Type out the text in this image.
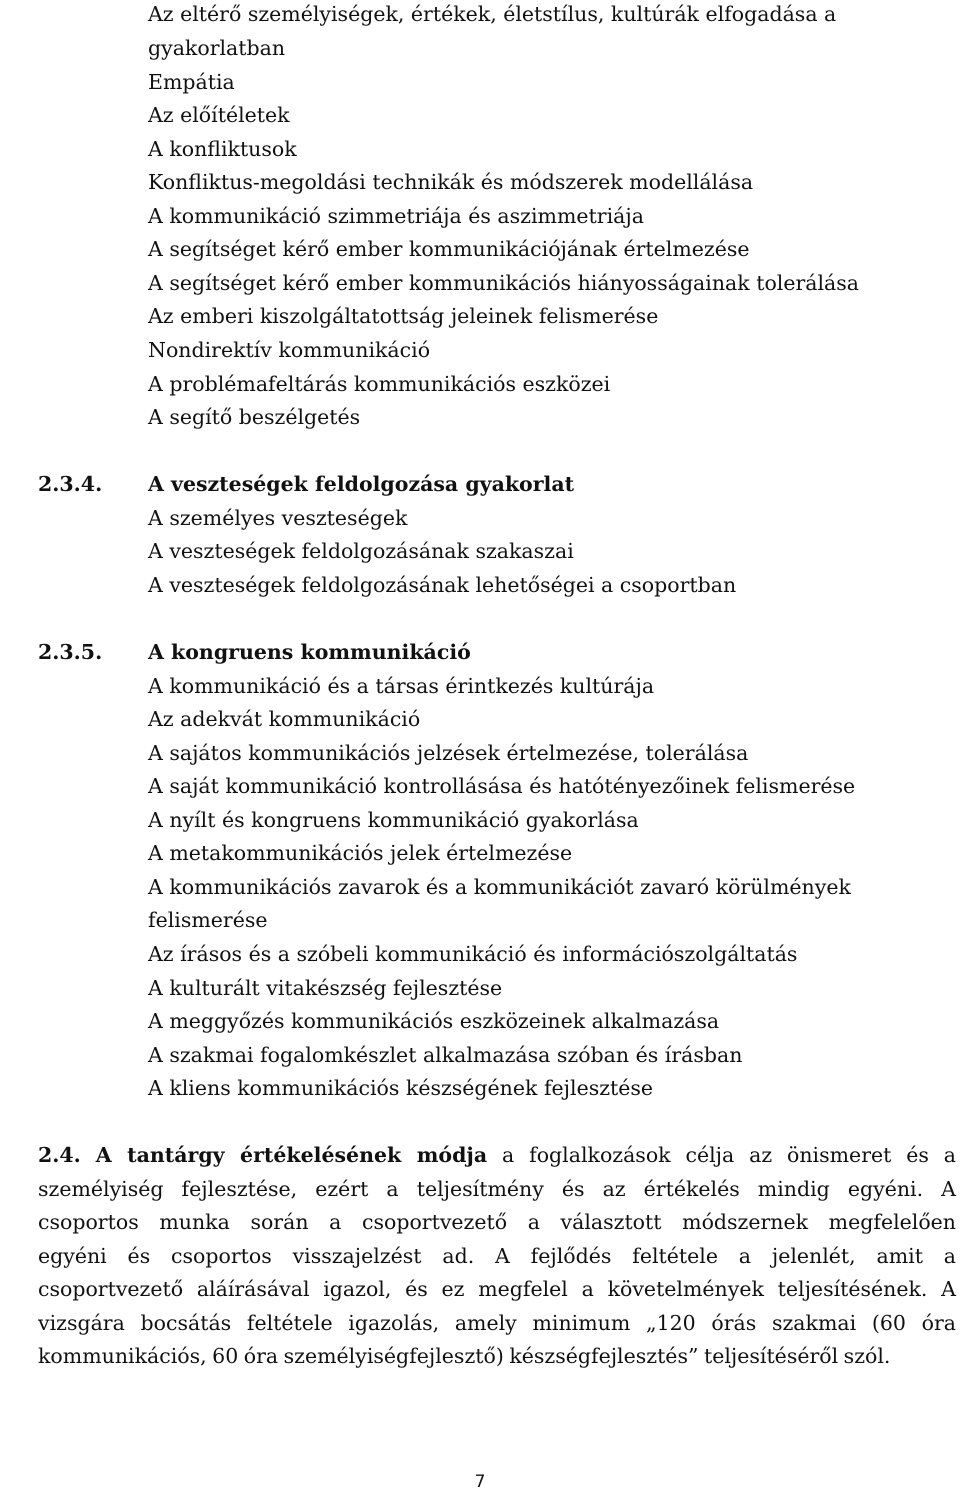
Az eltérő személyiségek, értékek, életstílus, kultúrák elfogadása a
gyakorlatban
Empátia
Az előítéletek
A konfliktusok
Konfliktus-megoldási technikák és módszerek modellálása
A kommunikáció szimmetriája és aszimmetriája
A segítséget kérő ember kommunikációjának értelmezése
A segítséget kérő ember kommunikációs hiányosságainak tolerálása
Az emberi kiszolgáltatottság jeleinek felismerése
Nondirektív kommunikáció
A problémafeltárás kommunikációs eszközei
A segítő beszélgetés
2.3.4. A veszteségek feldolgozása gyakorlat
A személyes veszteségek
A veszteségek feldolgozásának szakaszai
A veszteségek feldolgozásának lehetőségei a csoportban
2.3.5. A kongruens kommunikáció
A kommunikáció és a társas érintkezés kultúrája
Az adekvát kommunikáció
A sajátos kommunikációs jelzések értelmezése, tolerálása
A saját kommunikáció kontrollásása és hatótényezőinek felismerése
A nyílt és kongruens kommunikáció gyakorlása
A metakommunikációs jelek értelmezése
A kommunikációs zavarok és a kommunikációt zavaró körülmények
felismerése
Az írásos és a szóbeli kommunikáció és információszolgáltatás
A kulturált vitakészség fejlesztése
A meggyőzés kommunikációs eszközeinek alkalmazása
A szakmai fogalomkészlet alkalmazása szóban és írásban
A kliens kommunikációs készségének fejlesztése
2.4. A tantárgy értékelésének módja a foglalkozások célja az önismeret és a
személyiség fejlesztése, ezért a teljesítmény és az értékelés mindig egyéni. A
csoportos munka során a csoportvezető a választott módszernek megfelelően
egyéni és csoportos visszajelzést ad. A fejlődés feltétele a jelenlét, amit a
csoportvezető aláírásával igazol, és ez megfelel a követelmények teljesítésének. A
vizsgára bocsátás feltétele igazolás, amely minimum „120 órás szakmai (60 óra
kommunikációs, 60 óra személyiségfejlesztő) készségfejlesztés” teljesítéséről szól.
7
